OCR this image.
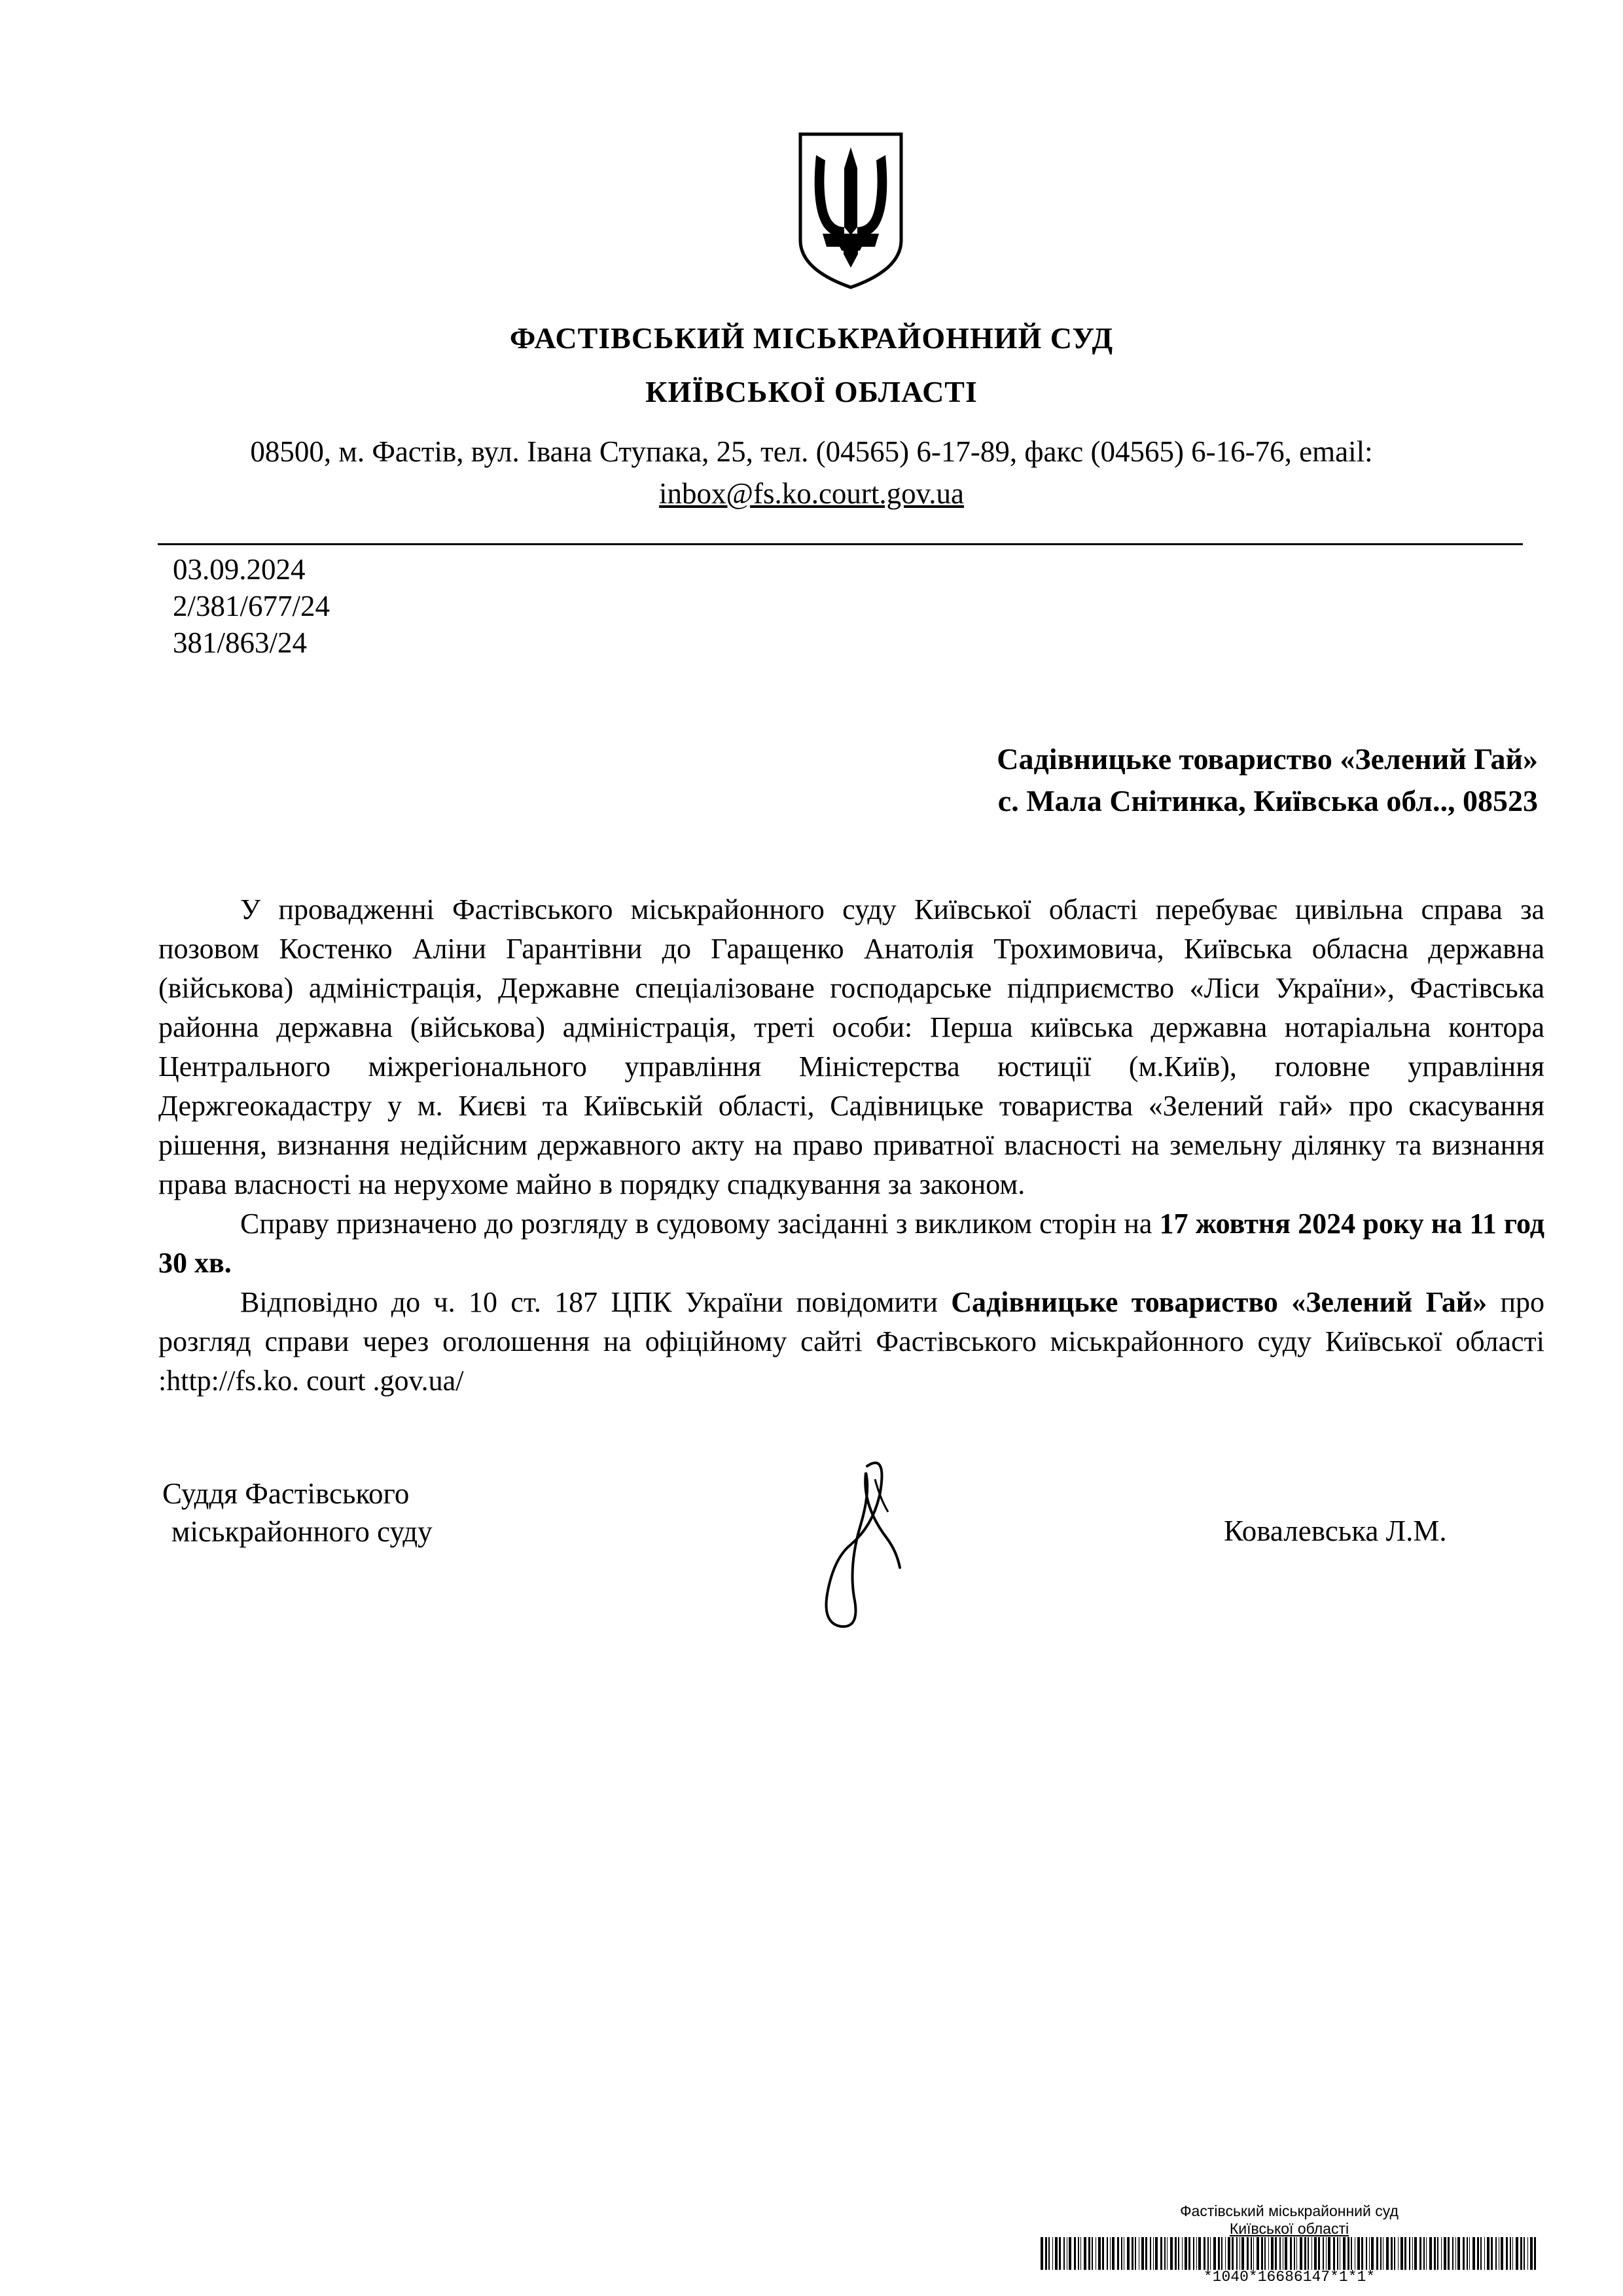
ФАСТІВСЬКИЙ МІСЬКРАЙОННИЙ СУД
КИЇВСЬКОЇ ОБЛАСТІ
08500, м. Фастів, вул. Івана Ступака, 25, тел. (04565) 6-17-89, факс (04565) 6-16-76, email:
inbox@fs.ko.court.gov.ua
03.09.2024
2/381/677/24
381/863/24
Садівницьке товариство «Зелений Гай»
с. Мала Снітинка, Київська обл.., 08523

У провадженні Фастівського міськрайонного суду Київської області перебуває цивільна справа за позовом Костенко Аліни Гарантівни до Гаращенко Анатолія Трохимовича, Київська обласна державна (військова) адміністрація, Державне спеціалізоване господарське підприємство «Ліси України», Фастівська районна державна (військова) адміністрація, треті особи: Перша київська державна нотаріальна контора Центрального міжрегіонального управління Міністерства юстиції (м.Київ), головне управління Держгеокадастру у м. Києві та Київській області, Садівницьке товариства «Зелений гай» про скасування рішення, визнання недійсним державного акту на право приватної власності на земельну ділянку та визнання права власності на нерухоме майно в порядку спадкування за законом.

Справу призначено до розгляду в судовому засіданні з викликом сторін на 17 жовтня 2024 року на 11 год 30 хв.

Відповідно до ч. 10 ст. 187 ЦПК України повідомити Садівницьке товариство «Зелений Гай» про розгляд справи через оголошення на офіційному сайті Фастівського міськрайонного суду Київської області :http://fs.ko. court .gov.ua/

Суддя Фастівського
міськрайонного суду	Ковалевська Л.М.
Фастівський міськрайонний суд
Київської області
*1040*16686147*1*1*
